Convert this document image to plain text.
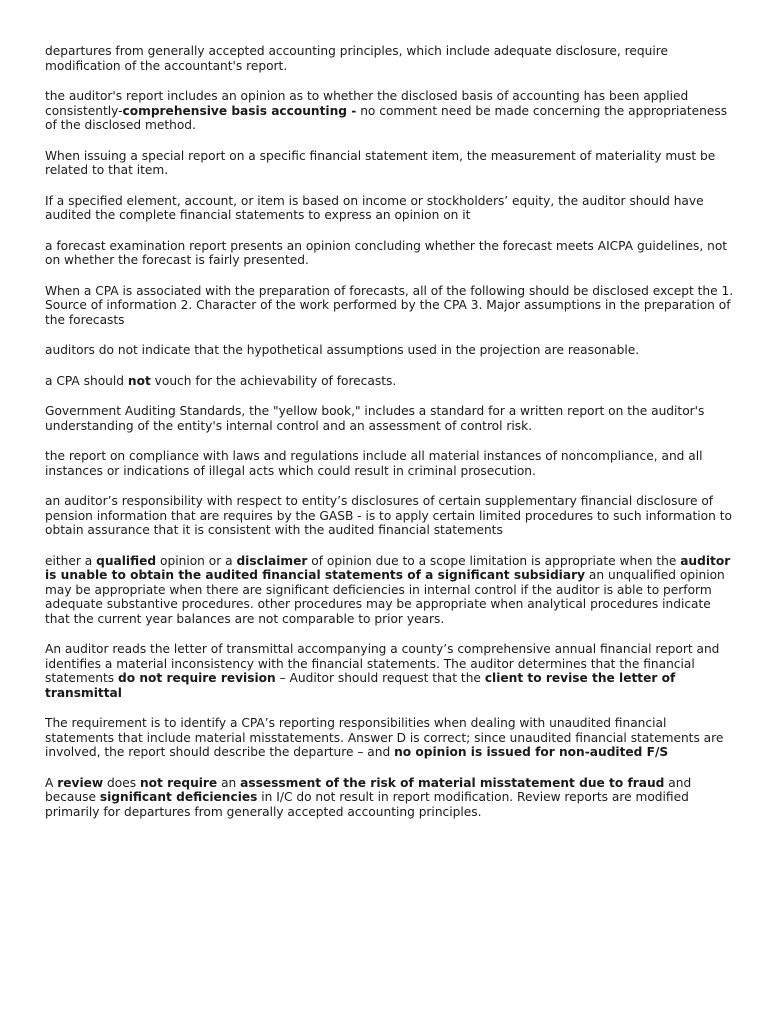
departures from generally accepted accounting principles, which include adequate disclosure, require modification of the accountant's report.

the auditor's report includes an opinion as to whether the disclosed basis of accounting has been applied consistently-comprehensive basis accounting - no comment need be made concerning the appropriateness of the disclosed method.

When issuing a special report on a specific financial statement item, the measurement of materiality must be related to that item.

If a specified element, account, or item is based on income or stockholders’ equity, the auditor should have audited the complete financial statements to express an opinion on it

a forecast examination report presents an opinion concluding whether the forecast meets AICPA guidelines, not on whether the forecast is fairly presented.

When a CPA is associated with the preparation of forecasts, all of the following should be disclosed except the 1. Source of information 2. Character of the work performed by the CPA 3. Major assumptions in the preparation of the forecasts

auditors do not indicate that the hypothetical assumptions used in the projection are reasonable.

a CPA should not vouch for the achievability of forecasts.

Government Auditing Standards, the "yellow book," includes a standard for a written report on the auditor's understanding of the entity's internal control and an assessment of control risk.

the report on compliance with laws and regulations include all material instances of noncompliance, and all instances or indications of illegal acts which could result in criminal prosecution.

an auditor’s responsibility with respect to entity’s disclosures of certain supplementary financial disclosure of pension information that are requires by the GASB - is to apply certain limited procedures to such information to obtain assurance that it is consistent with the audited financial statements

either a qualified opinion or a disclaimer of opinion due to a scope limitation is appropriate when the auditor is unable to obtain the audited financial statements of a significant subsidiary an unqualified opinion may be appropriate when there are significant deficiencies in internal control if the auditor is able to perform adequate substantive procedures. other procedures may be appropriate when analytical procedures indicate that the current year balances are not comparable to prior years.

An auditor reads the letter of transmittal accompanying a county’s comprehensive annual financial report and identifies a material inconsistency with the financial statements. The auditor determines that the financial statements do not require revision – Auditor should request that the client to revise the letter of transmittal

The requirement is to identify a CPA’s reporting responsibilities when dealing with unaudited financial statements that include material misstatements. Answer D is correct; since unaudited financial statements are involved, the report should describe the departure – and no opinion is issued for non-audited F/S

A review does not require an assessment of the risk of material misstatement due to fraud and because significant deficiencies in I/C do not result in report modification. Review reports are modified primarily for departures from generally accepted accounting principles.
